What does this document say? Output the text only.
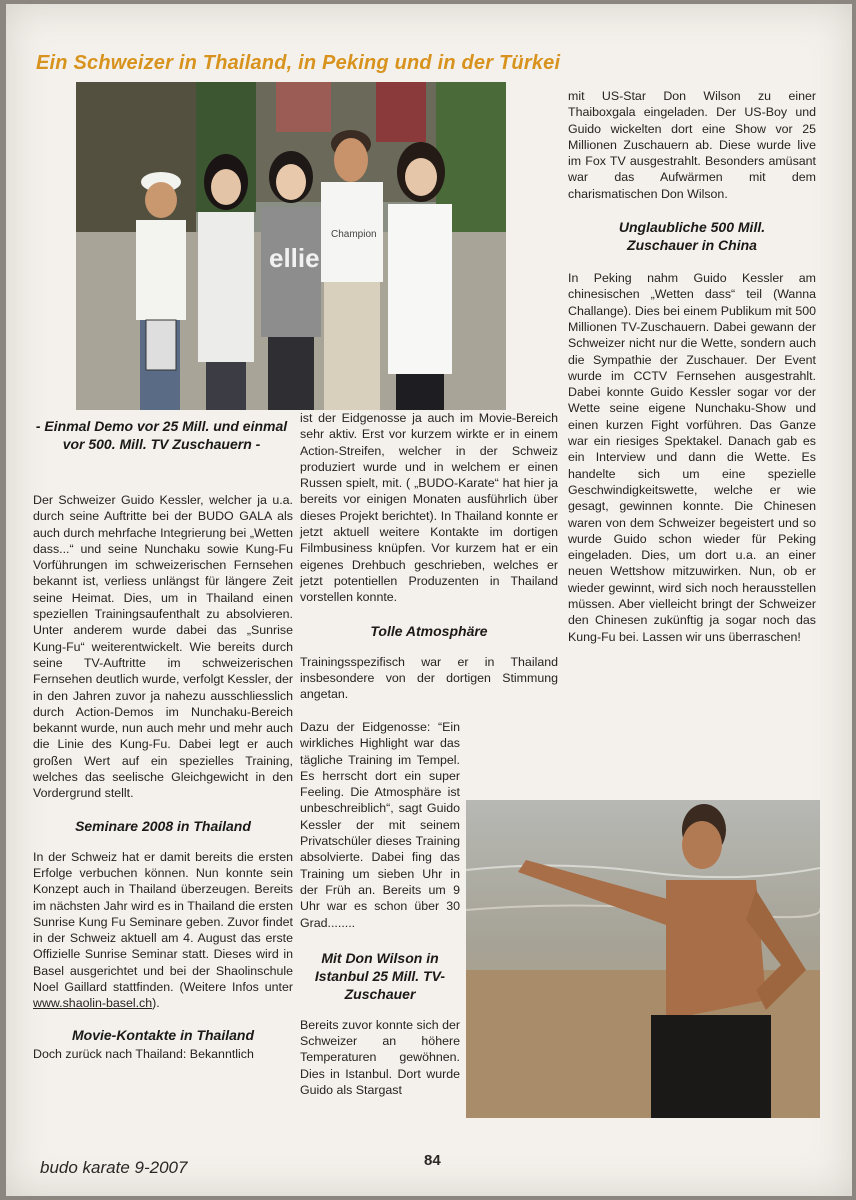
Ein Schweizer in Thailand, in Peking und in der Türkei
ellie
Champion
- Einmal Demo vor 25 Mill. und einmal vor 500. Mill. TV Zuschauern -

Der Schweizer Guido Kessler, welcher ja u.a. durch seine Auftritte bei der BUDO GALA als auch durch mehrfache Integrierung bei „Wetten dass...“ und seine Nunchaku sowie Kung-Fu Vorführungen im schweizerischen Fernsehen bekannt ist, verliess unlängst für längere Zeit seine Heimat. Dies, um in Thailand einen speziellen Trainingsaufenthalt zu absolvieren. Unter anderem wurde dabei das „Sunrise Kung-Fu“ weiterentwickelt. Wie bereits durch seine TV-Auftritte im schweizerischen Fernsehen deutlich wurde, verfolgt Kessler, der in den Jahren zuvor ja nahezu ausschliesslich durch Action-Demos im Nunchaku-Bereich bekannt wurde, nun auch mehr und mehr auch die Linie des Kung-Fu. Dabei legt er auch großen Wert auf ein spezielles Training, welches das seelische Gleichgewicht in den Vordergrund stellt.

Seminare 2008 in Thailand

In der Schweiz hat er damit bereits die ersten Erfolge verbuchen können. Nun konnte sein Konzept auch in Thailand überzeugen. Bereits im nächsten Jahr wird es in Thailand die ersten Sunrise Kung Fu Seminare geben. Zuvor findet in der Schweiz aktuell am 4. August das erste Offizielle Sunrise Seminar statt. Dieses wird in Basel ausgerichtet und bei der Shaolinschule Noel Gaillard stattfinden. (Weitere Infos unter www.shaolin-basel.ch).

Movie-Kontakte in Thailand

Doch zurück nach Thailand: Bekanntlich

ist der Eidgenosse ja auch im Movie-Bereich sehr aktiv. Erst vor kurzem wirkte er in einem Action-Streifen, welcher in der Schweiz produziert wurde und in welchem er einen Russen spielt, mit. ( „BUDO-Karate“ hat hier ja bereits vor einigen Monaten ausführlich über dieses Projekt berichtet). In Thailand konnte er jetzt aktuell weitere Kontakte im dortigen Filmbusiness knüpfen. Vor kurzem hat er ein eigenes Drehbuch geschrieben, welches er jetzt potentiellen Produzenten in Thailand vorstellen konnte.

Tolle Atmosphäre

Trainingsspezifisch war er in Thailand insbesondere von der dortigen Stimmung angetan.

Dazu der Eidgenosse: “Ein wirkliches Highlight war das tägliche Training im Tempel. Es herrscht dort ein super Feeling. Die Atmosphäre ist unbeschreiblich“, sagt Guido Kessler der mit seinem Privatschüler dieses Training absolvierte. Dabei fing das Training um sieben Uhr in der Früh an. Bereits um 9 Uhr war es schon über 30 Grad........

Mit Don Wilson in Istanbul 25 Mill. TV-Zuschauer

Bereits zuvor konnte sich der Schweizer an höhere Temperaturen gewöhnen. Dies in Istanbul. Dort wurde Guido als Stargast

mit US-Star Don Wilson zu einer Thaiboxgala eingeladen. Der US-Boy und Guido wickelten dort eine Show vor 25 Millionen Zuschauern ab. Diese wurde live im Fox TV ausgestrahlt. Besonders amüsant war das Aufwärmen mit dem charismatischen Don Wilson.

Unglaubliche 500 Mill. Zuschauer in China

In Peking nahm Guido Kessler am chinesischen „Wetten dass“ teil (Wanna Challange). Dies bei einem Publikum mit 500 Millionen TV-Zuschauern. Dabei gewann der Schweizer nicht nur die Wette, sondern auch die Sympathie der Zuschauer. Der Event wurde im CCTV Fernsehen ausgestrahlt. Dabei konnte Guido Kessler sogar vor der Wette seine eigene Nunchaku-Show und einen kurzen Fight vorführen. Das Ganze war ein riesiges Spektakel. Danach gab es ein Interview und dann die Wette. Es handelte sich um eine spezielle Geschwindigkeitswette, welche er wie gesagt, gewinnen konnte. Die Chinesen waren von dem Schweizer begeistert und so wurde Guido schon wieder für Peking eingeladen. Dies, um dort u.a. an einer neuen Wettshow mitzuwirken. Nun, ob er wieder gewinnt, wird sich noch herausstellen müssen. Aber vielleicht bringt der Schweizer den Chinesen zukünftig ja sogar noch das Kung-Fu bei. Lassen wir uns überraschen!

budo karate 9-2007	84
